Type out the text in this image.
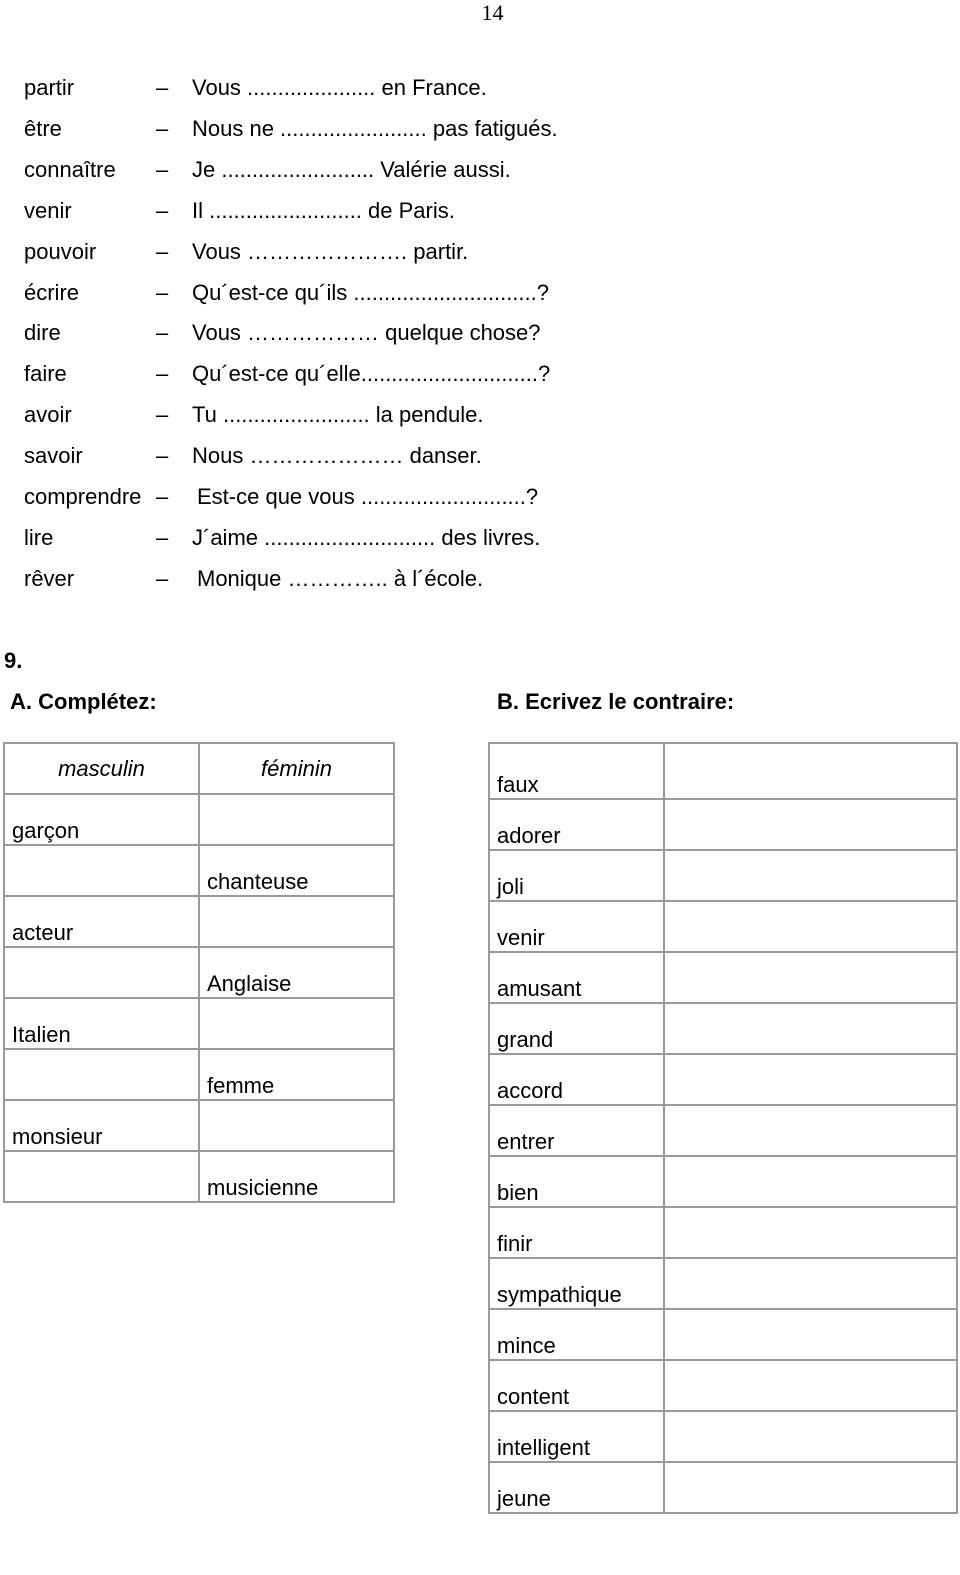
14
partir	– Vous ..................... en France.
être	– Nous ne ........................ pas fatigués.
connaître – Je ......................... Valérie aussi.
venir	– Il ......................... de Paris.
pouvoir	– Vous …………………. partir.
écrire	– Qu´est-ce qu´ils ..............................?
dire	– Vous ……………… quelque chose?
faire	– Qu´est-ce qu´elle.............................?
avoir	– Tu ........................ la pendule.
savoir	– Nous ………………… danser.
comprendre – Est-ce que vous ...........................?
lire	– J´aime ............................ des livres.
rêver	– Monique ………….. à l´école.
9.
A. Complétez:	B. Ecrivez le contraire:
masculin	féminin

garçon	

	chanteuse

acteur	

	Anglaise

Italien	

	femme

monsieur	

	musicienne
faux	

adorer	

joli	

venir	

amusant	

grand	

accord	

entrer	

bien	

finir	

sympathique	

mince	

content	

intelligent	

jeune	
